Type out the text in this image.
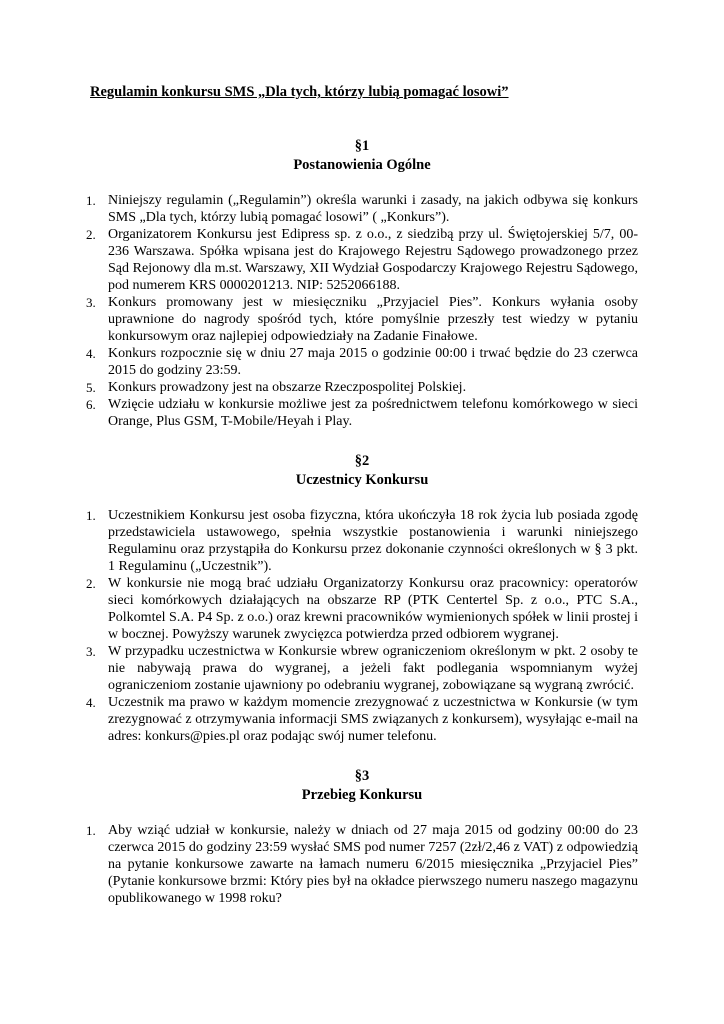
Regulamin konkursu SMS „Dla tych, którzy lubią pomagać losowi”
§1
Postanowienia Ogólne
1. Niniejszy regulamin („Regulamin”) określa warunki i zasady, na jakich odbywa się konkurs SMS „Dla tych, którzy lubią pomagać losowi” ( „Konkurs”).
2. Organizatorem Konkursu jest Edipress sp. z o.o., z siedzibą przy ul. Świętojerskiej 5/7, 00-236 Warszawa. Spółka wpisana jest do Krajowego Rejestru Sądowego prowadzonego przez Sąd Rejonowy dla m.st. Warszawy, XII Wydział Gospodarczy Krajowego Rejestru Sądowego, pod numerem KRS 0000201213. NIP: 5252066188.
3. Konkurs promowany jest w miesięczniku „Przyjaciel Pies”. Konkurs wyłania osoby uprawnione do nagrody spośród tych, które pomyślnie przeszły test wiedzy w pytaniu konkursowym oraz najlepiej odpowiedziały na Zadanie Finałowe.
4. Konkurs rozpocznie się w dniu 27 maja 2015 o godzinie 00:00 i trwać będzie do 23 czerwca 2015 do godziny 23:59.
5. Konkurs prowadzony jest na obszarze Rzeczpospolitej Polskiej.
6. Wzięcie udziału w konkursie możliwe jest za pośrednictwem telefonu komórkowego w sieci Orange, Plus GSM, T-Mobile/Heyah i Play.
§2
Uczestnicy Konkursu
1. Uczestnikiem Konkursu jest osoba fizyczna, która ukończyła 18 rok życia lub posiada zgodę przedstawiciela ustawowego, spełnia wszystkie postanowienia i warunki niniejszego Regulaminu oraz przystąpiła do Konkursu przez dokonanie czynności określonych w § 3 pkt. 1 Regulaminu („Uczestnik”).
2. W konkursie nie mogą brać udziału Organizatorzy Konkursu oraz pracownicy: operatorów sieci komórkowych działających na obszarze RP (PTK Centertel Sp. z o.o., PTC S.A., Polkomtel S.A. P4 Sp. z o.o.) oraz krewni pracowników wymienionych spółek w linii prostej i w bocznej. Powyższy warunek zwycięzca potwierdza przed odbiorem wygranej.
3. W przypadku uczestnictwa w Konkursie wbrew ograniczeniom określonym w pkt. 2 osoby te nie nabywają prawa do wygranej, a jeżeli fakt podlegania wspomnianym wyżej ograniczeniom zostanie ujawniony po odebraniu wygranej, zobowiązane są wygraną zwrócić.
4. Uczestnik ma prawo w każdym momencie zrezygnować z uczestnictwa w Konkursie (w tym zrezygnować z otrzymywania informacji SMS związanych z konkursem), wysyłając e-mail na adres: konkurs@pies.pl oraz podając swój numer telefonu.
§3
Przebieg Konkursu
1. Aby wziąć udział w konkursie, należy w dniach od 27 maja 2015 od godziny 00:00 do 23 czerwca 2015 do godziny 23:59 wysłać SMS pod numer 7257 (2zł/2,46 z VAT) z odpowiedzią na pytanie konkursowe zawarte na łamach numeru 6/2015 miesięcznika „Przyjaciel Pies” (Pytanie konkursowe brzmi: Który pies był na okładce pierwszego numeru naszego magazynu opublikowanego w 1998 roku?
